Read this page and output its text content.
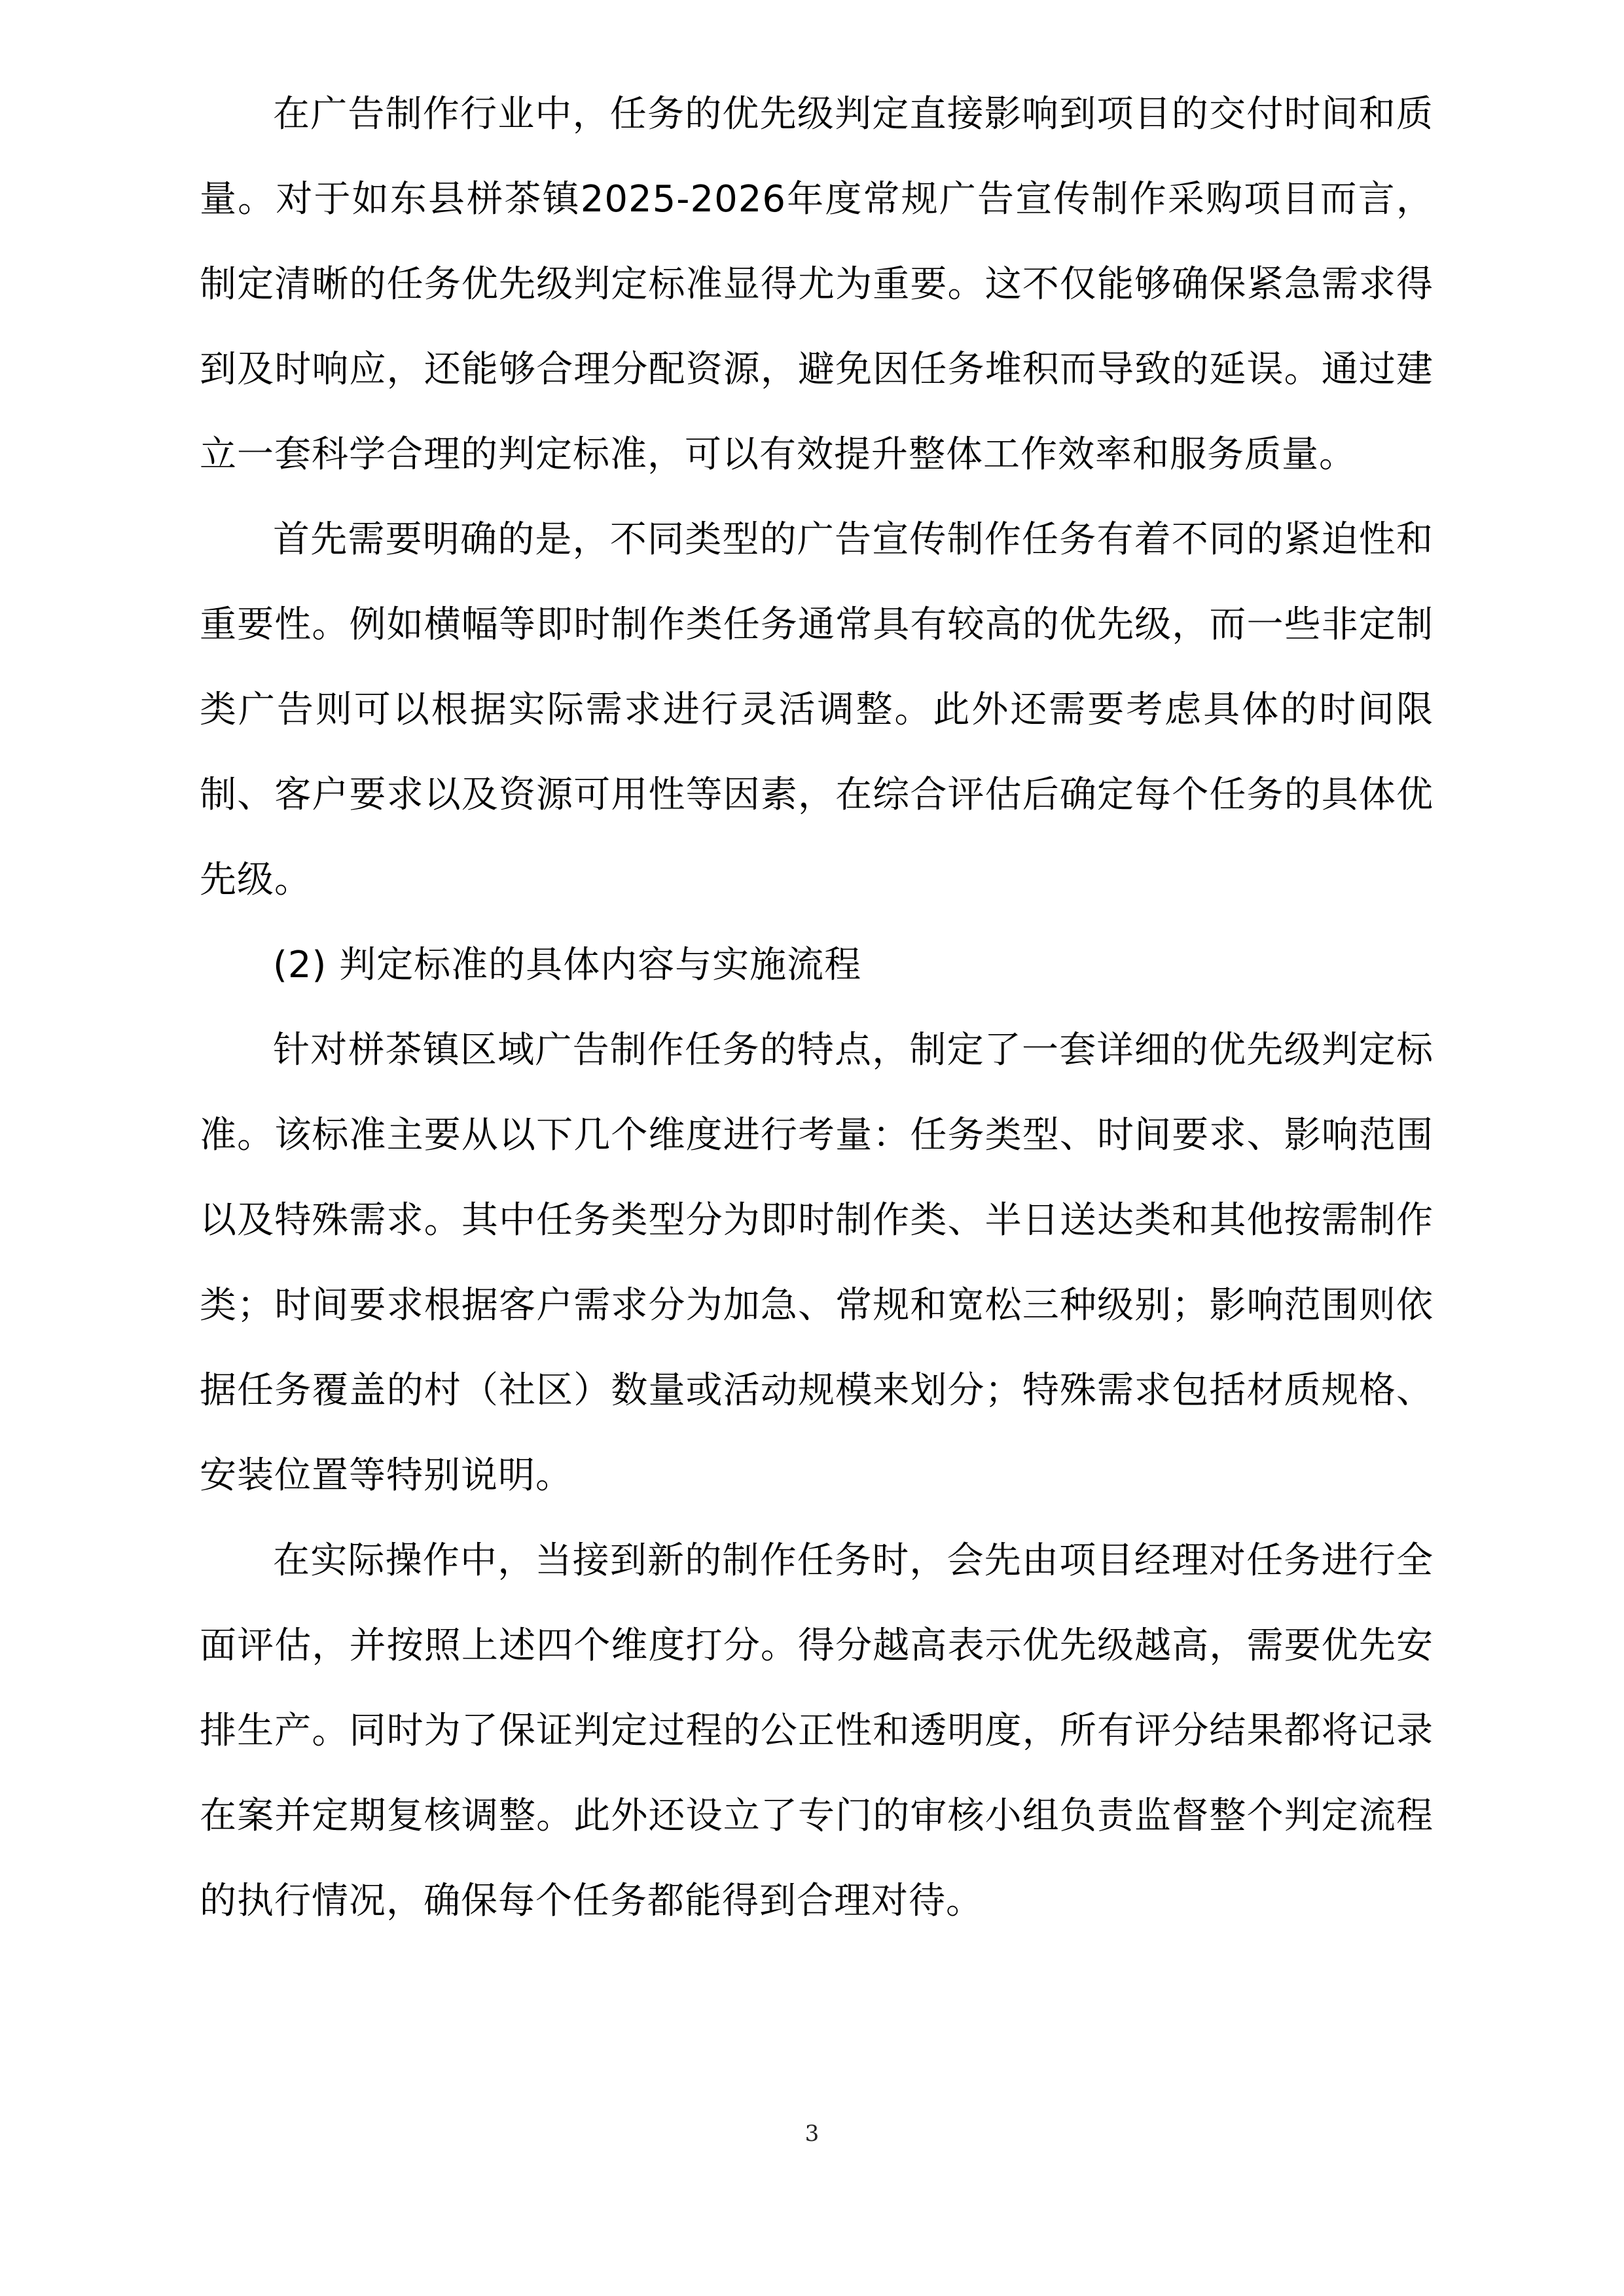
在广告制作行业中，任务的优先级判定直接影响到项目的交付时间和质量。对于如东县栟茶镇2025-2026年度常规广告宣传制作采购项目而言，制定清晰的任务优先级判定标准显得尤为重要。这不仅能够确保紧急需求得到及时响应，还能够合理分配资源，避免因任务堆积而导致的延误。通过建立一套科学合理的判定标准，可以有效提升整体工作效率和服务质量。

首先需要明确的是，不同类型的广告宣传制作任务有着不同的紧迫性和重要性。例如横幅等即时制作类任务通常具有较高的优先级，而一些非定制类广告则可以根据实际需求进行灵活调整。此外还需要考虑具体的时间限制、客户要求以及资源可用性等因素，在综合评估后确定每个任务的具体优先级。

(2) 判定标准的具体内容与实施流程

针对栟茶镇区域广告制作任务的特点，制定了一套详细的优先级判定标准。该标准主要从以下几个维度进行考量：任务类型、时间要求、影响范围以及特殊需求。其中任务类型分为即时制作类、半日送达类和其他按需制作类；时间要求根据客户需求分为加急、常规和宽松三种级别；影响范围则依据任务覆盖的村（社区）数量或活动规模来划分；特殊需求包括材质规格、安装位置等特别说明。

在实际操作中，当接到新的制作任务时，会先由项目经理对任务进行全面评估，并按照上述四个维度打分。得分越高表示优先级越高，需要优先安排生产。同时为了保证判定过程的公正性和透明度，所有评分结果都将记录在案并定期复核调整。此外还设立了专门的审核小组负责监督整个判定流程的执行情况，确保每个任务都能得到合理对待。

3
